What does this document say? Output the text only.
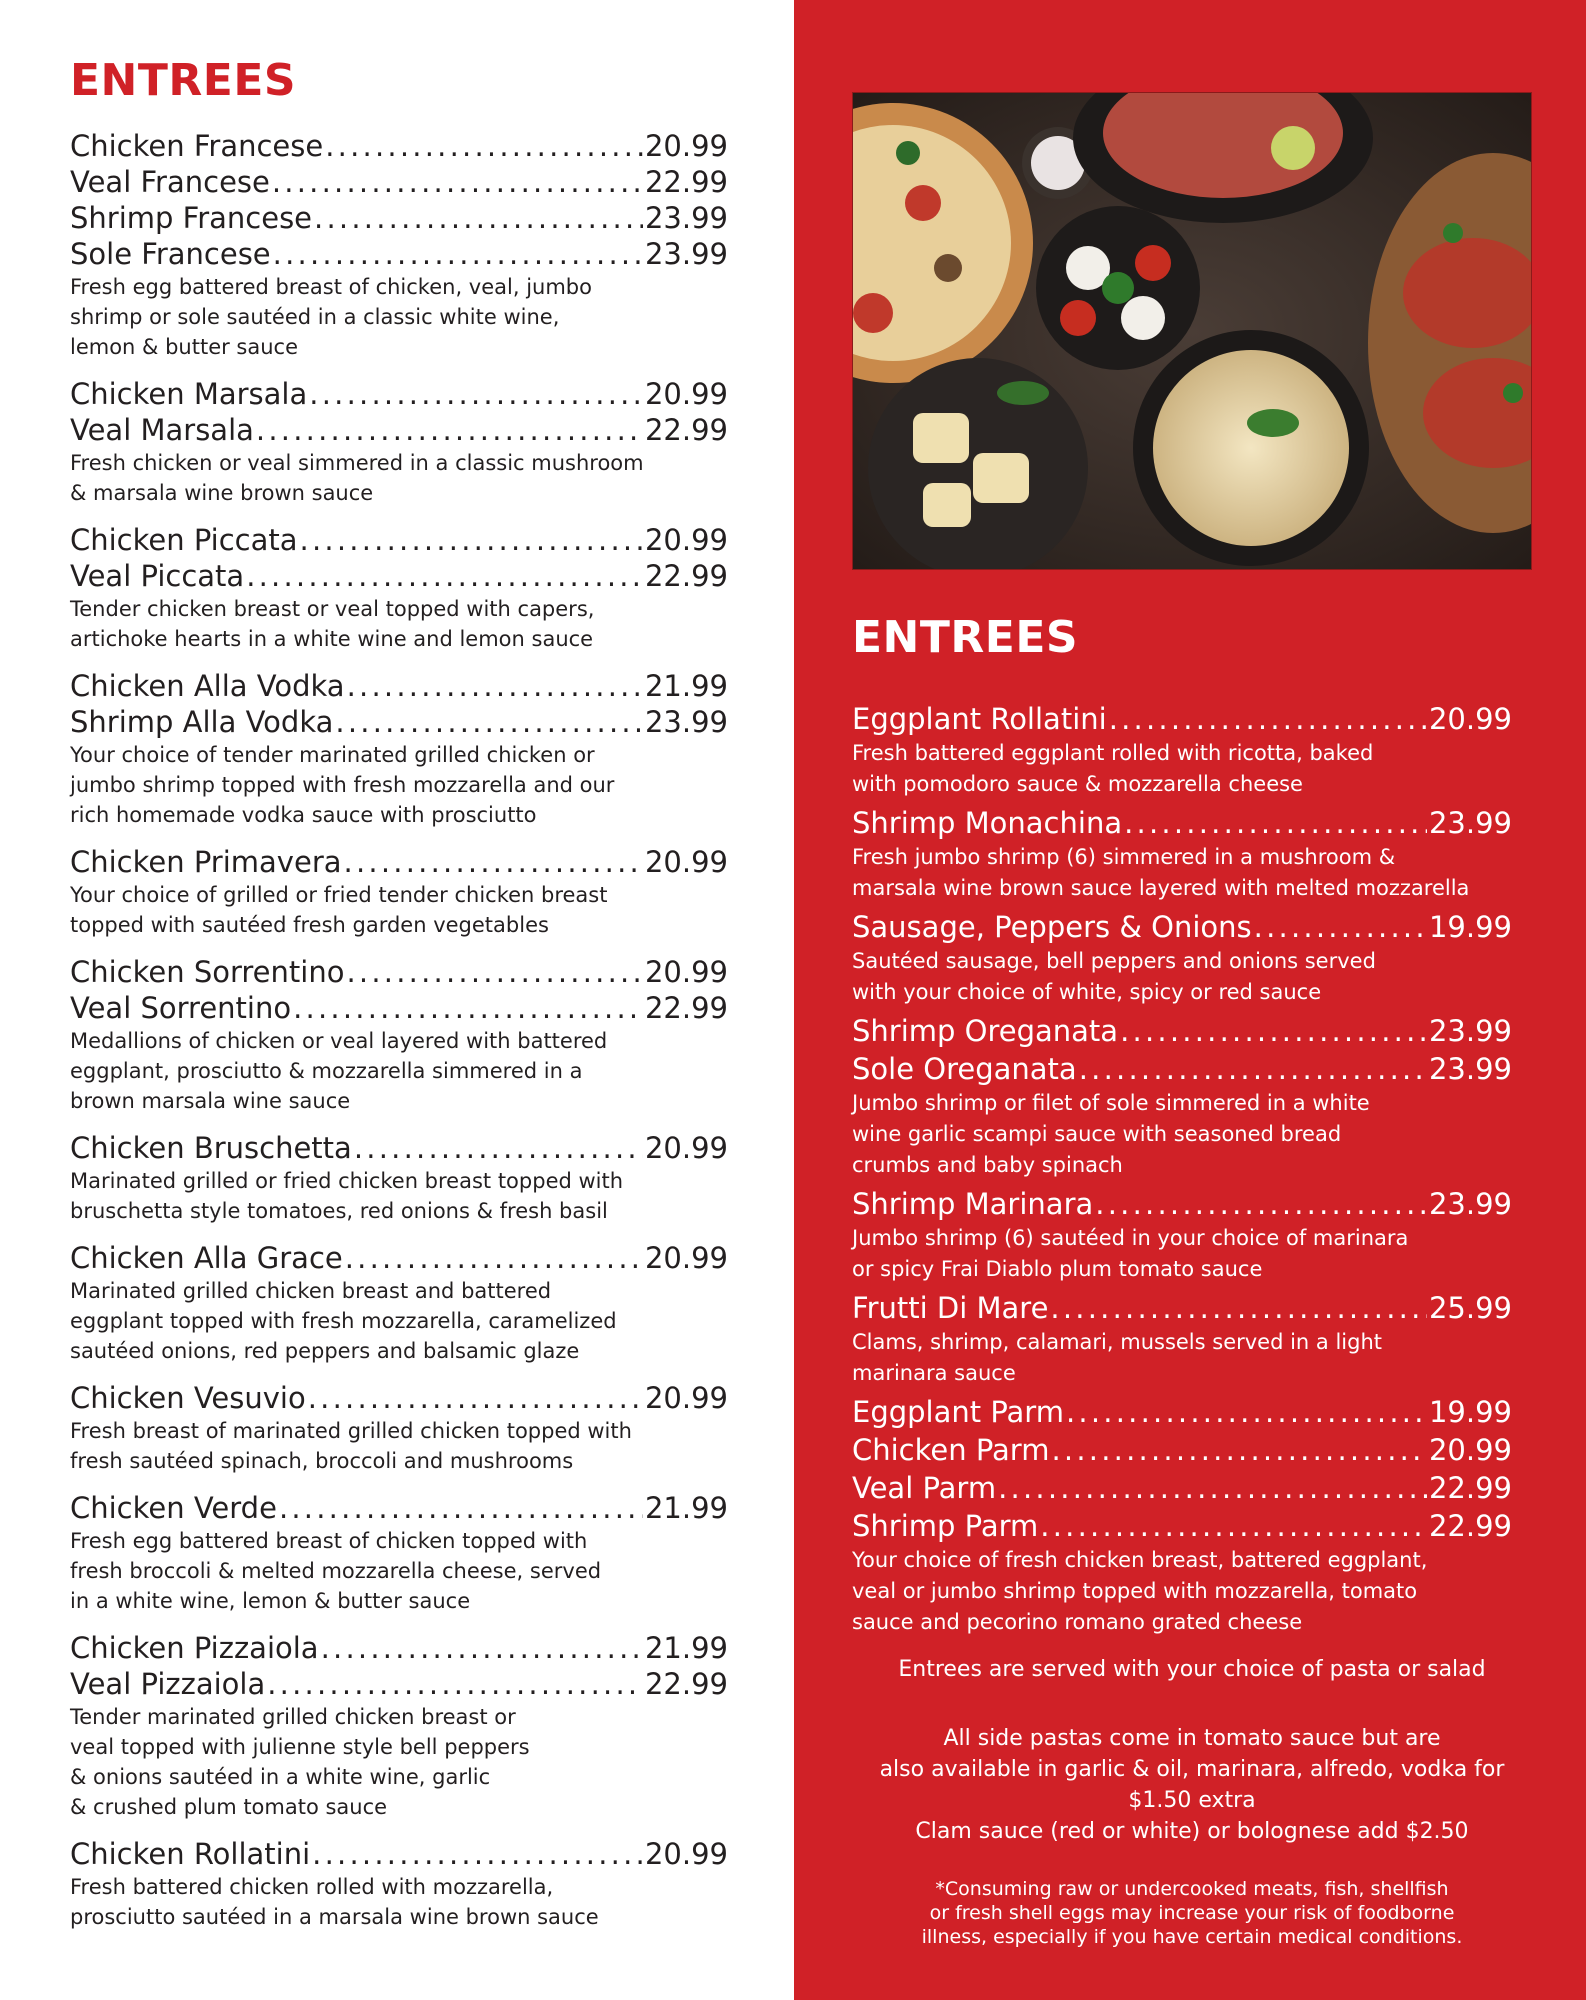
ENTREES
Chicken Francese . . .	20.99
Veal Francese . . .	22.99
Shrimp Francese . . .	23.99
Sole Francese . . .	23.99
Fresh egg battered breast of chicken, veal, jumbo
shrimp or sole sautéed in a classic white wine,
lemon & butter sauce
Chicken Marsala . . .	20.99
Veal Marsala . . .	22.99
Fresh chicken or veal simmered in a classic mushroom
& marsala wine brown sauce
Chicken Piccata . . .	20.99
Veal Piccata . . .	22.99
Tender chicken breast or veal topped with capers,
artichoke hearts in a white wine and lemon sauce
Chicken Alla Vodka . . .	21.99
Shrimp Alla Vodka . . .	23.99
Your choice of tender marinated grilled chicken or
jumbo shrimp topped with fresh mozzarella and our
rich homemade vodka sauce with prosciutto
Chicken Primavera . . .	20.99
Your choice of grilled or fried tender chicken breast
topped with sautéed fresh garden vegetables
Chicken Sorrentino . . .	20.99
Veal Sorrentino . . .	22.99
Medallions of chicken or veal layered with battered
eggplant, prosciutto & mozzarella simmered in a
brown marsala wine sauce
Chicken Bruschetta . . .	20.99
Marinated grilled or fried chicken breast topped with
bruschetta style tomatoes, red onions & fresh basil
Chicken Alla Grace . . .	20.99
Marinated grilled chicken breast and battered
eggplant topped with fresh mozzarella, caramelized
sautéed onions, red peppers and balsamic glaze
Chicken Vesuvio . . .	20.99
Fresh breast of marinated grilled chicken topped with
fresh sautéed spinach, broccoli and mushrooms
Chicken Verde . . .	21.99
Fresh egg battered breast of chicken topped with
fresh broccoli & melted mozzarella cheese, served
in a white wine, lemon & butter sauce
Chicken Pizzaiola . . .	21.99
Veal Pizzaiola . . .	22.99
Tender marinated grilled chicken breast or
veal topped with julienne style bell peppers
& onions sautéed in a white wine, garlic
& crushed plum tomato sauce
Chicken Rollatini . . .	20.99
Fresh battered chicken rolled with mozzarella,
prosciutto sautéed in a marsala wine brown sauce
ENTREES
Eggplant Rollatini . . .	20.99
Fresh battered eggplant rolled with ricotta, baked
with pomodoro sauce & mozzarella cheese
Shrimp Monachina . . .	23.99
Fresh jumbo shrimp (6) simmered in a mushroom &
marsala wine brown sauce layered with melted mozzarella
Sausage, Peppers & Onions . . .	19.99
Sautéed sausage, bell peppers and onions served
with your choice of white, spicy or red sauce
Shrimp Oreganata . . .	23.99
Sole Oreganata . . .	23.99
Jumbo shrimp or filet of sole simmered in a white
wine garlic scampi sauce with seasoned bread
crumbs and baby spinach
Shrimp Marinara . . .	23.99
Jumbo shrimp (6) sautéed in your choice of marinara
or spicy Frai Diablo plum tomato sauce
Frutti Di Mare . . .	25.99
Clams, shrimp, calamari, mussels served in a light
marinara sauce
Eggplant Parm . . .	19.99
Chicken Parm . . .	20.99
Veal Parm . . .	22.99
Shrimp Parm . . .	22.99
Your choice of fresh chicken breast, battered eggplant,
veal or jumbo shrimp topped with mozzarella, tomato
sauce and pecorino romano grated cheese
Entrees are served with your choice of pasta or salad
All side pastas come in tomato sauce but are
also available in garlic & oil, marinara, alfredo, vodka for
$1.50 extra
Clam sauce (red or white) or bolognese add $2.50
*Consuming raw or undercooked meats, fish, shellfish
or fresh shell eggs may increase your risk of foodborne
illness, especially if you have certain medical conditions.
